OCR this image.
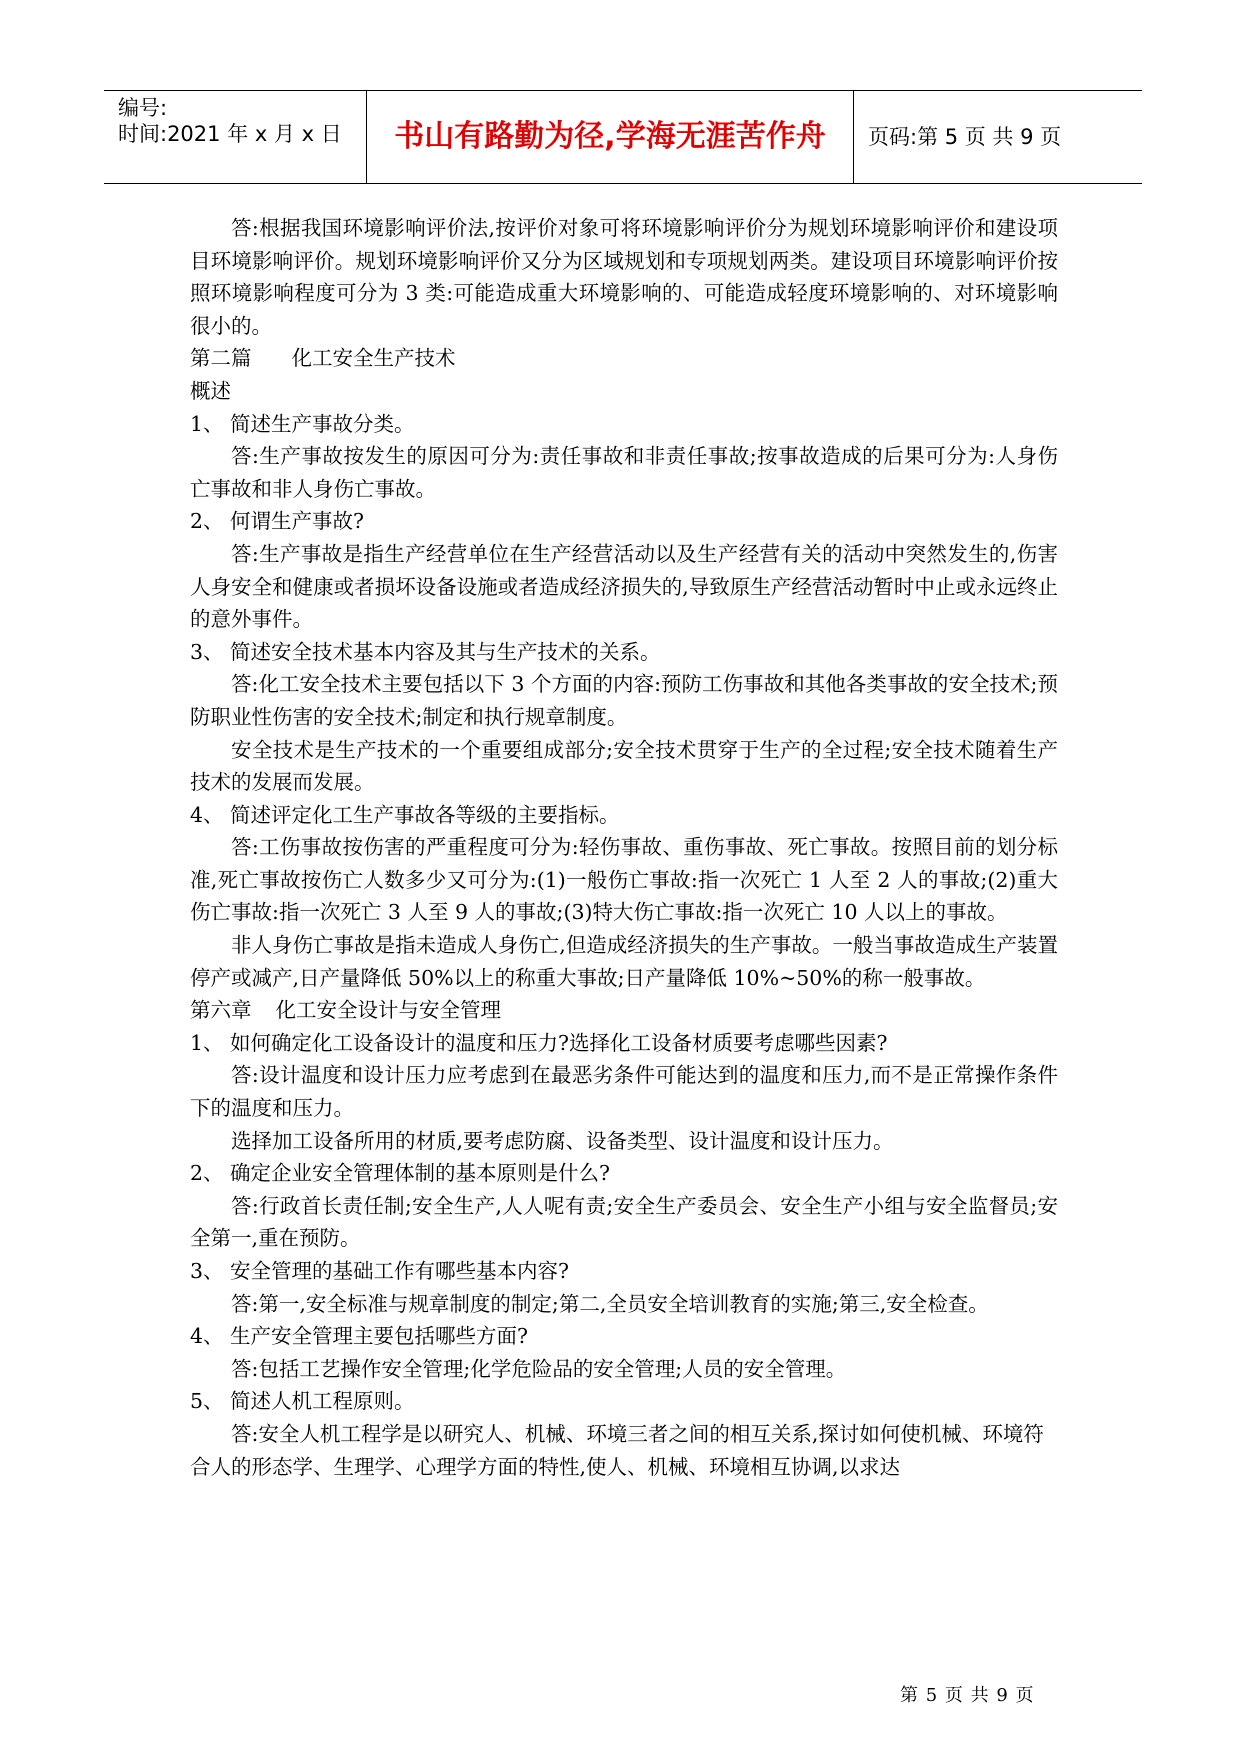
编号:
时间:2021 年 x 月 x 日	书山有路勤为径,学海无涯苦作舟	页码:第 5 页 共 9 页

答:根据我国环境影响评价法,按评价对象可将环境影响评价分为规划环境影响评价和建设项目环境影响评价。规划环境影响评价又分为区域规划和专项规划两类。建设项目环境影响评价按照环境影响程度可分为 3 类:可能造成重大环境影响的、可能造成轻度环境影响的、对环境影响很小的。

第二篇 化工安全生产技术

概述

1、 简述生产事故分类。

答:生产事故按发生的原因可分为:责任事故和非责任事故;按事故造成的后果可分为:人身伤亡事故和非人身伤亡事故。

2、 何谓生产事故?

答:生产事故是指生产经营单位在生产经营活动以及生产经营有关的活动中突然发生的,伤害人身安全和健康或者损坏设备设施或者造成经济损失的,导致原生产经营活动暂时中止或永远终止的意外事件。

3、 简述安全技术基本内容及其与生产技术的关系。

答:化工安全技术主要包括以下 3 个方面的内容:预防工伤事故和其他各类事故的安全技术;预防职业性伤害的安全技术;制定和执行规章制度。

安全技术是生产技术的一个重要组成部分;安全技术贯穿于生产的全过程;安全技术随着生产技术的发展而发展。

4、 简述评定化工生产事故各等级的主要指标。

答:工伤事故按伤害的严重程度可分为:轻伤事故、重伤事故、死亡事故。按照目前的划分标准,死亡事故按伤亡人数多少又可分为:(1)一般伤亡事故:指一次死亡 1 人至 2 人的事故;(2)重大伤亡事故:指一次死亡 3 人至 9 人的事故;(3)特大伤亡事故:指一次死亡 10 人以上的事故。

非人身伤亡事故是指未造成人身伤亡,但造成经济损失的生产事故。一般当事故造成生产装置停产或减产,日产量降低 50%以上的称重大事故;日产量降低 10%~50%的称一般事故。

第六章 化工安全设计与安全管理

1、 如何确定化工设备设计的温度和压力?选择化工设备材质要考虑哪些因素?

答:设计温度和设计压力应考虑到在最恶劣条件可能达到的温度和压力,而不是正常操作条件下的温度和压力。

选择加工设备所用的材质,要考虑防腐、设备类型、设计温度和设计压力。

2、 确定企业安全管理体制的基本原则是什么?

答:行政首长责任制;安全生产,人人呢有责;安全生产委员会、安全生产小组与安全监督员;安全第一,重在预防。

3、 安全管理的基础工作有哪些基本内容?

答:第一,安全标准与规章制度的制定;第二,全员安全培训教育的实施;第三,安全检查。

4、 生产安全管理主要包括哪些方面?

答:包括工艺操作安全管理;化学危险品的安全管理;人员的安全管理。

5、 简述人机工程原则。

答:安全人机工程学是以研究人、机械、环境三者之间的相互关系,探讨如何使机械、环境符合人的形态学、生理学、心理学方面的特性,使人、机械、环境相互协调,以求达

第 5 页 共 9 页
